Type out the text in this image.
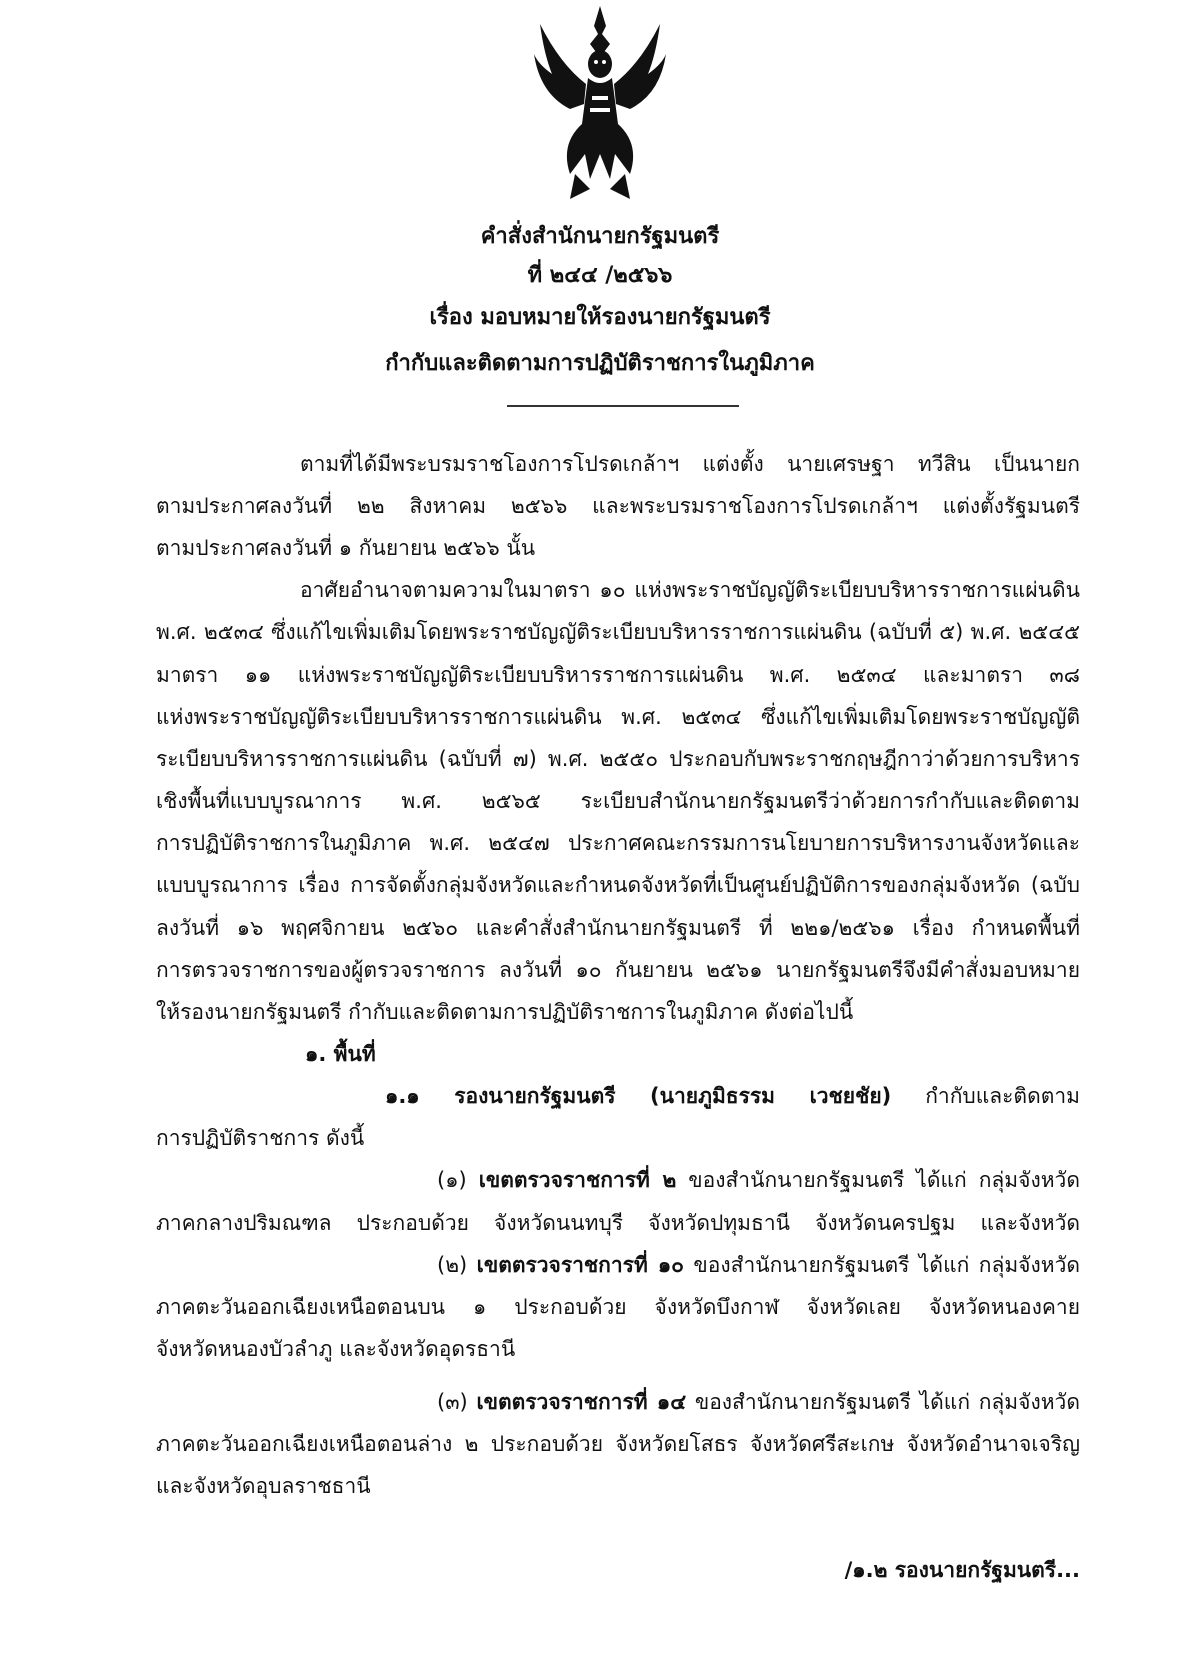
คำสั่งสำนักนายกรัฐมนตรี
ที่ ๒๔๔ /๒๕๖๖
เรื่อง มอบหมายให้รองนายกรัฐมนตรี
กำกับและติดตามการปฏิบัติราชการในภูมิภาค
ตามที่ได้มีพระบรมราชโองการโปรดเกล้าฯ แต่งตั้ง นายเศรษฐา ทวีสิน เป็นนายก
ตามประกาศลงวันที่ ๒๒ สิงหาคม ๒๕๖๖ และพระบรมราชโองการโปรดเกล้าฯ แต่งตั้งรัฐมนตรี
ตามประกาศลงวันที่ ๑ กันยายน ๒๕๖๖ นั้น
อาศัยอำนาจตามความในมาตรา ๑๐ แห่งพระราชบัญญัติระเบียบบริหารราชการแผ่นดิน
พ.ศ. ๒๕๓๔ ซึ่งแก้ไขเพิ่มเติมโดยพระราชบัญญัติระเบียบบริหารราชการแผ่นดิน (ฉบับที่ ๕) พ.ศ. ๒๕๔๕
มาตรา ๑๑ แห่งพระราชบัญญัติระเบียบบริหารราชการแผ่นดิน พ.ศ. ๒๕๓๔ และมาตรา ๓๘
แห่งพระราชบัญญัติระเบียบบริหารราชการแผ่นดิน พ.ศ. ๒๕๓๔ ซึ่งแก้ไขเพิ่มเติมโดยพระราชบัญญัติ
ระเบียบบริหารราชการแผ่นดิน (ฉบับที่ ๗) พ.ศ. ๒๕๕๐ ประกอบกับพระราชกฤษฎีกาว่าด้วยการบริหาร
เชิงพื้นที่แบบบูรณาการ พ.ศ. ๒๕๖๕ ระเบียบสำนักนายกรัฐมนตรีว่าด้วยการกำกับและติดตาม
การปฏิบัติราชการในภูมิภาค พ.ศ. ๒๕๔๗ ประกาศคณะกรรมการนโยบายการบริหารงานจังหวัดและ
แบบบูรณาการ เรื่อง การจัดตั้งกลุ่มจังหวัดและกำหนดจังหวัดที่เป็นศูนย์ปฏิบัติการของกลุ่มจังหวัด (ฉบับ
ลงวันที่ ๑๖ พฤศจิกายน ๒๕๖๐ และคำสั่งสำนักนายกรัฐมนตรี ที่ ๒๒๑/๒๕๖๑ เรื่อง กำหนดพื้นที่
การตรวจราชการของผู้ตรวจราชการ ลงวันที่ ๑๐ กันยายน ๒๕๖๑ นายกรัฐมนตรีจึงมีคำสั่งมอบหมาย
ให้รองนายกรัฐมนตรี กำกับและติดตามการปฏิบัติราชการในภูมิภาค ดังต่อไปนี้
๑. พื้นที่
๑.๑ รองนายกรัฐมนตรี (นายภูมิธรรม เวชยชัย) กำกับและติดตาม
การปฏิบัติราชการ ดังนี้
(๑) เขตตรวจราชการที่ ๒ ของสำนักนายกรัฐมนตรี ได้แก่ กลุ่มจังหวัด
ภาคกลางปริมณฑล ประกอบด้วย จังหวัดนนทบุรี จังหวัดปทุมธานี จังหวัดนครปฐม และจังหวัด
(๒) เขตตรวจราชการที่ ๑๐ ของสำนักนายกรัฐมนตรี ได้แก่ กลุ่มจังหวัด
ภาคตะวันออกเฉียงเหนือตอนบน ๑ ประกอบด้วย จังหวัดบึงกาฬ จังหวัดเลย จังหวัดหนองคาย
จังหวัดหนองบัวลำภู และจังหวัดอุดรธานี
(๓) เขตตรวจราชการที่ ๑๔ ของสำนักนายกรัฐมนตรี ได้แก่ กลุ่มจังหวัด
ภาคตะวันออกเฉียงเหนือตอนล่าง ๒ ประกอบด้วย จังหวัดยโสธร จังหวัดศรีสะเกษ จังหวัดอำนาจเจริญ
และจังหวัดอุบลราชธานี
/๑.๒ รองนายกรัฐมนตรี...
